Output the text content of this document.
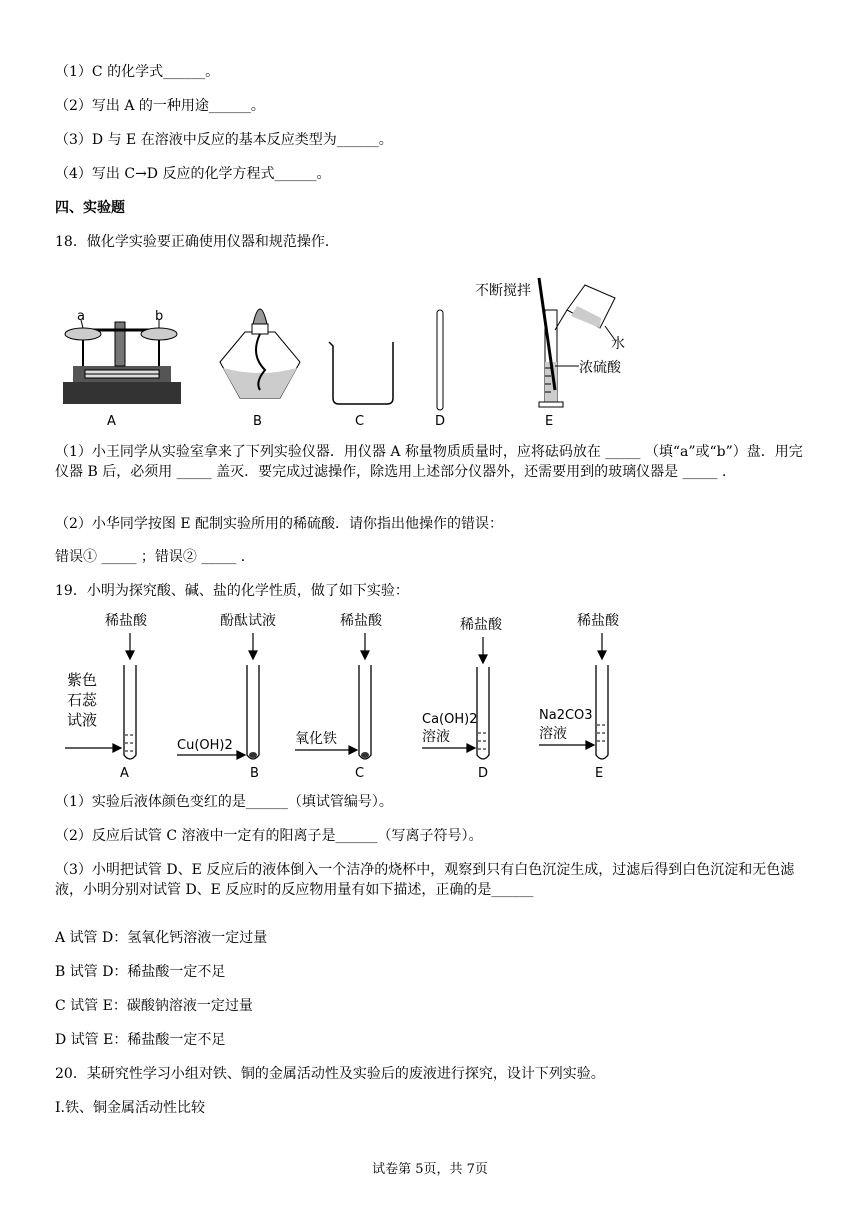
（1）C 的化学式______。
（2）写出 A 的一种用途______。
（3）D 与 E 在溶液中反应的基本反应类型为______。
（4）写出 C→D 反应的化学方程式______。
四、实验题
18．做化学实验要正确使用仪器和规范操作．
a	b
不断搅拌
水
浓硫酸
A	B	C	D	E
（1）小王同学从实验室拿来了下列实验仪器．用仪器 A 称量物质质量时，应将砝码放在 _____ （填“a”或“b”）盘．用完仪器 B 后，必须用 _____ 盖灭．要完成过滤操作，除选用上述部分仪器外，还需要用到的玻璃仪器是 _____ ．
（2）小华同学按图 E 配制实验所用的稀硫酸．请你指出他操作的错误：
错误① _____ ；错误② _____ ．
19．小明为探究酸、碱、盐的化学性质，做了如下实验：
稀盐酸	酚酞试液	稀盐酸	稀盐酸	稀盐酸
紫色
石蕊
试液
Cu(OH)2	氧化铁
Ca(OH)2
溶液
Na2CO3
溶液
A	B	C	D	E
（1）实验后液体颜色变红的是______（填试管编号）。
（2）反应后试管 C 溶液中一定有的阳离子是______（写离子符号）。
（3）小明把试管 D、E 反应后的液体倒入一个洁净的烧杯中，观察到只有白色沉淀生成，过滤后得到白色沉淀和无色滤液，小明分别对试管 D、E 反应时的反应物用量有如下描述，正确的是______
A 试管 D：氢氧化钙溶液一定过量
B 试管 D：稀盐酸一定不足
C 试管 E：碳酸钠溶液一定过量
D 试管 E：稀盐酸一定不足
20．某研究性学习小组对铁、铜的金属活动性及实验后的废液进行探究，设计下列实验。
Ⅰ.铁、铜金属活动性比较
试卷第 5页，共 7页
